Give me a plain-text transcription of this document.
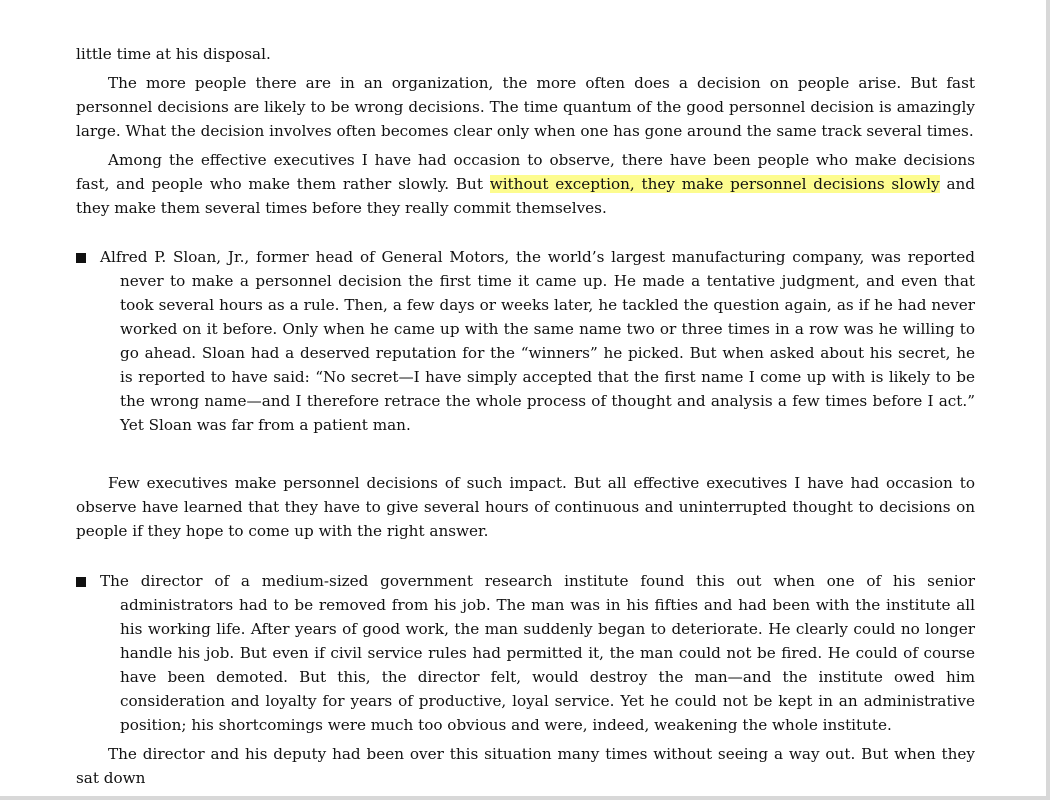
little time at his disposal.

The more people there are in an organization, the more often does a decision on people arise. But fast personnel decisions are likely to be wrong decisions. The time quantum of the good personnel decision is amazingly large. What the decision involves often becomes clear only when one has gone around the same track several times.

Among the effective executives I have had occasion to observe, there have been people who make decisions fast, and people who make them rather slowly. But without exception, they make personnel decisions slowly and they make them several times before they really commit themselves.

Alfred P. Sloan, Jr., former head of General Motors, the world’s largest manufacturing company, was reported never to make a personnel decision the first time it came up. He made a tentative judgment, and even that took several hours as a rule. Then, a few days or weeks later, he tackled the question again, as if he had never worked on it before. Only when he came up with the same name two or three times in a row was he willing to go ahead. Sloan had a deserved reputation for the “winners” he picked. But when asked about his secret, he is reported to have said: “No secret—I have simply accepted that the first name I come up with is likely to be the wrong name—and I therefore retrace the whole process of thought and analysis a few times before I act.” Yet Sloan was far from a patient man.

Few executives make personnel decisions of such impact. But all effective executives I have had occasion to observe have learned that they have to give several hours of continuous and uninterrupted thought to decisions on people if they hope to come up with the right answer.

The director of a medium-sized government research institute found this out when one of his senior administrators had to be removed from his job. The man was in his fifties and had been with the institute all his working life. After years of good work, the man suddenly began to deteriorate. He clearly could no longer handle his job. But even if civil service rules had permitted it, the man could not be fired. He could of course have been demoted. But this, the director felt, would destroy the man—and the institute owed him consideration and loyalty for years of productive, loyal service. Yet he could not be kept in an administrative position; his shortcomings were much too obvious and were, indeed, weakening the whole institute.

The director and his deputy had been over this situation many times without seeing a way out. But when they sat down
